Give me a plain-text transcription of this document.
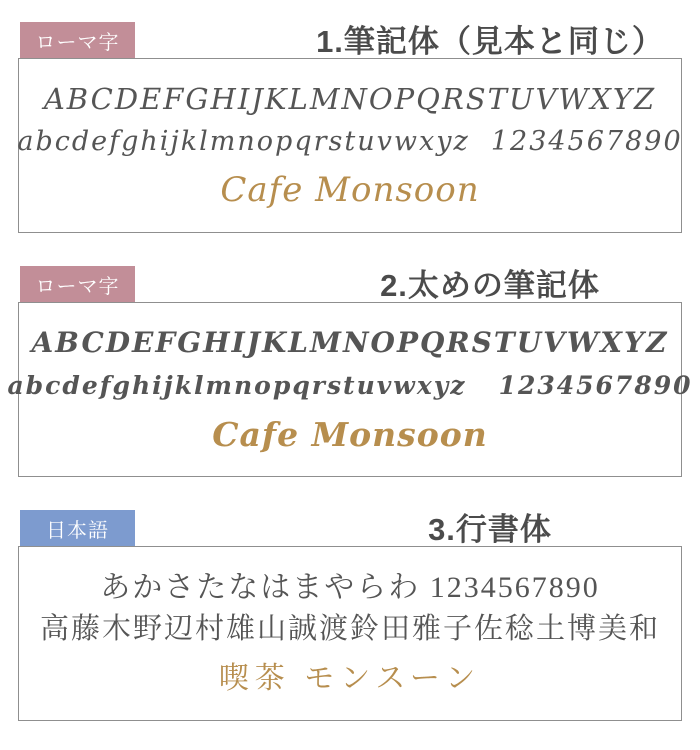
ローマ字	1.筆記体（見本と同じ）
ABCDEFGHIJKLMNOPQRSTUVWXYZ
abcdefghijklmnopqrstuvwxyz  1234567890
Cafe Monsoon
ローマ字	2.太めの筆記体
ABCDEFGHIJKLMNOPQRSTUVWXYZ
abcdefghijklmnopqrstuvwxyz   1234567890
Cafe Monsoon
日本語	3.行書体
あかさたなはまやらわ 1234567890
高藤木野辺村雄山誠渡鈴田雅子佐稔土博美和
喫茶 モンスーン
